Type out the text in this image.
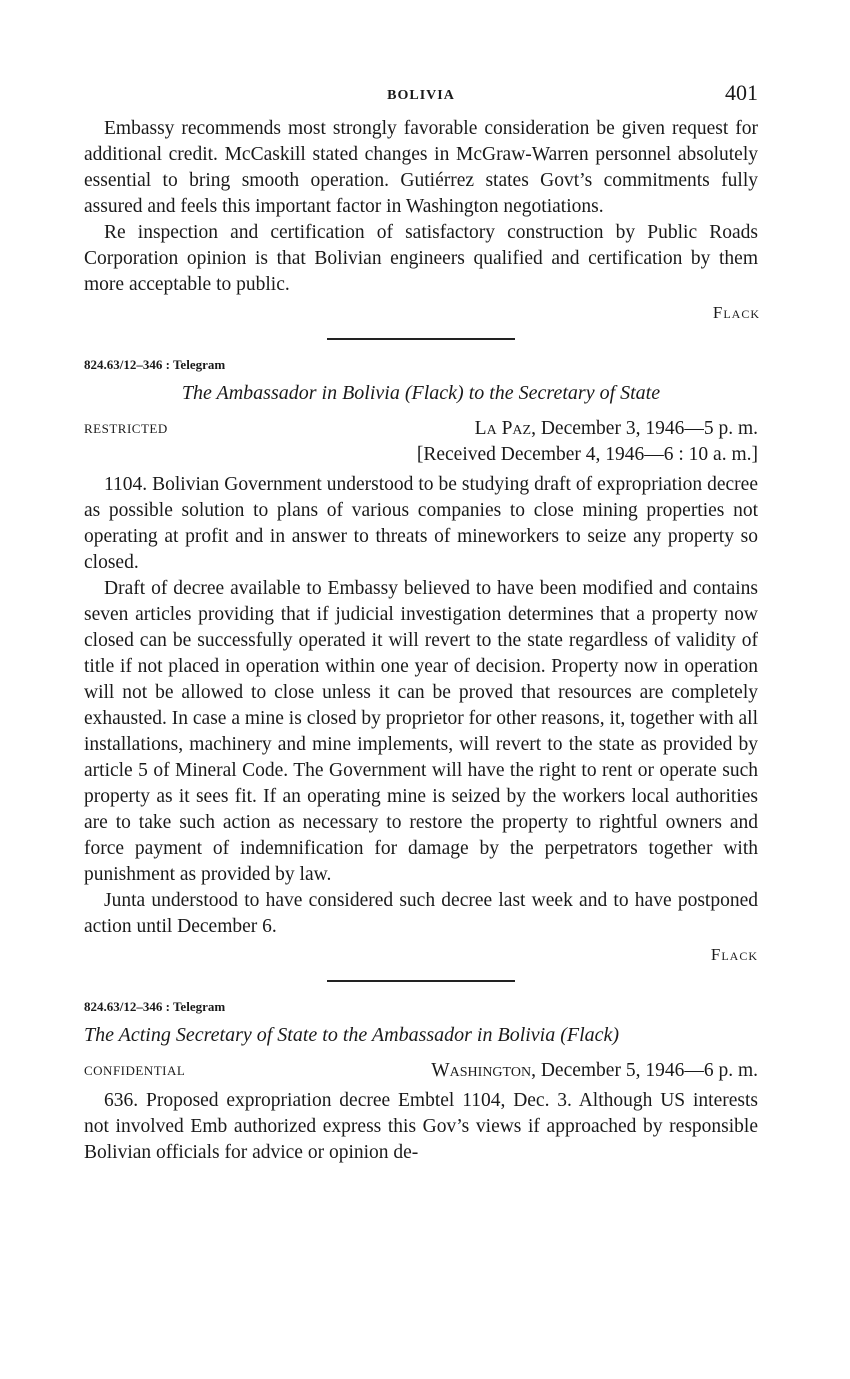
BOLIVIA	401

Embassy recommends most strongly favorable consideration be given request for additional credit. McCaskill stated changes in McGraw-Warren personnel absolutely essential to bring smooth operation. Gutiérrez states Govt’s commitments fully assured and feels this important factor in Washington negotiations.

Re inspection and certification of satisfactory construction by Public Roads Corporation opinion is that Bolivian engineers qualified and certification by them more acceptable to public.

Flack
824.63/12–346 : Telegram
The Ambassador in Bolivia (Flack) to the Secretary of State
RESTRICTED	La Paz, December 3, 1946—5 p. m.
[Received December 4, 1946—6 : 10 a. m.]

1104. Bolivian Government understood to be studying draft of expropriation decree as possible solution to plans of various companies to close mining properties not operating at profit and in answer to threats of mineworkers to seize any property so closed.

Draft of decree available to Embassy believed to have been modified and contains seven articles providing that if judicial investigation determines that a property now closed can be successfully operated it will revert to the state regardless of validity of title if not placed in operation within one year of decision. Property now in operation will not be allowed to close unless it can be proved that resources are completely exhausted. In case a mine is closed by proprietor for other reasons, it, together with all installations, machinery and mine implements, will revert to the state as provided by article 5 of Mineral Code. The Government will have the right to rent or operate such property as it sees fit. If an operating mine is seized by the workers local authorities are to take such action as necessary to restore the property to rightful owners and force payment of indemnification for damage by the perpetrators together with punishment as provided by law.

Junta understood to have considered such decree last week and to have postponed action until December 6.

Flack
824.63/12–346 : Telegram
The Acting Secretary of State to the Ambassador in Bolivia (Flack)
CONFIDENTIAL	Washington, December 5, 1946—6 p. m.

636. Proposed expropriation decree Embtel 1104, Dec. 3. Although US interests not involved Emb authorized express this Gov’s views if approached by responsible Bolivian officials for advice or opinion de-
